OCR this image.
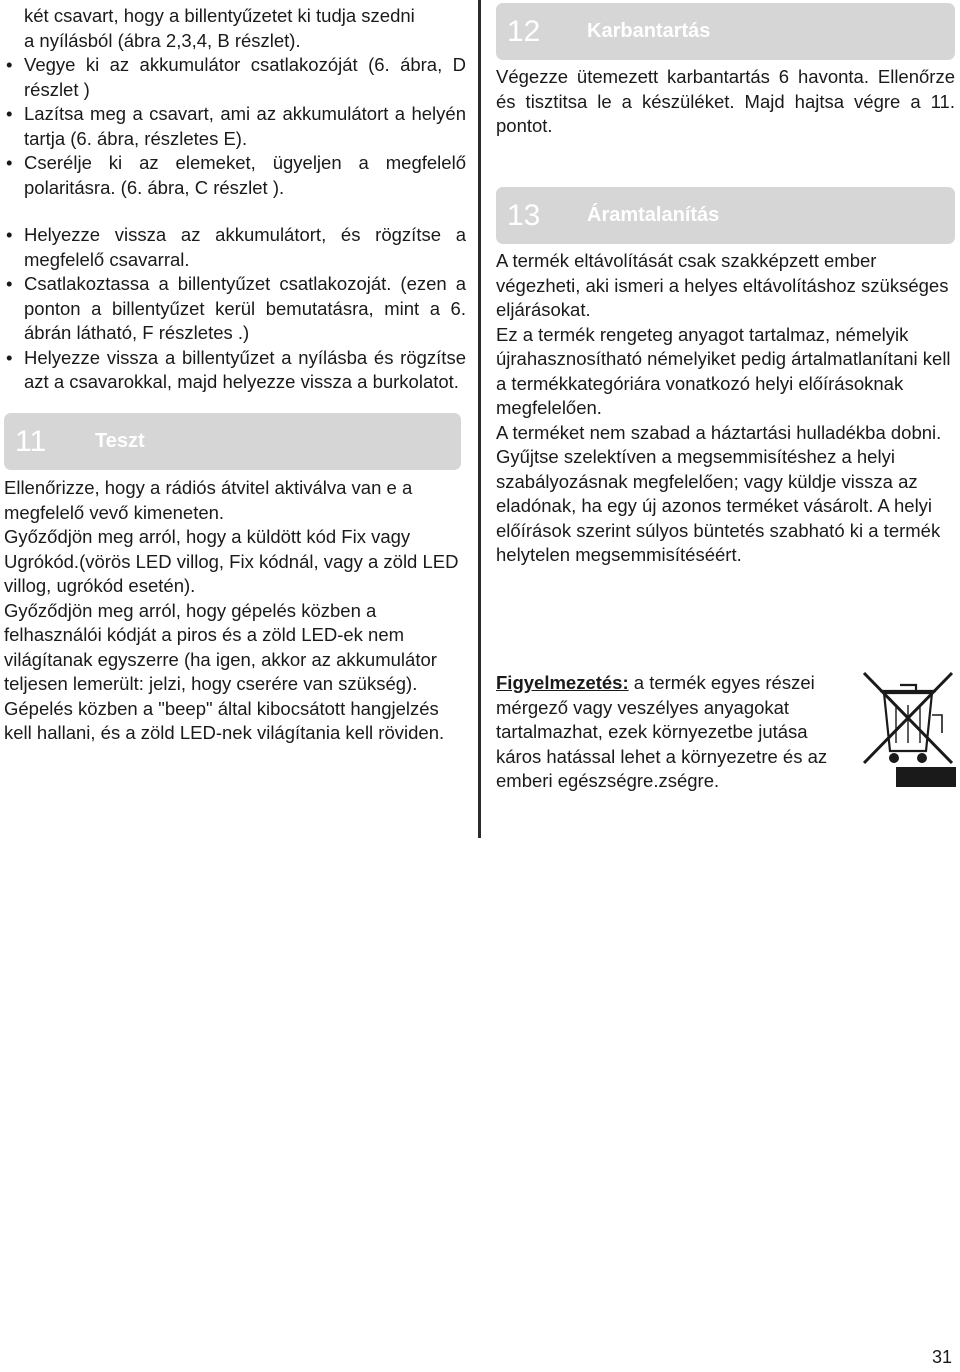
két csavart, hogy a billentyűzetet ki tudja szedni
a nyílásból (ábra 2,3,4, B részlet).

• Vegye ki az akkumulátor csatlakozóját (6. ábra, D részlet )
• Lazítsa meg a csavart, ami az akkumulátort a helyén tartja (6. ábra, részletes E).
• Cserélje ki az elemeket, ügyeljen a megfelelő polaritásra. (6. ábra, C részlet ).
• Helyezze vissza az akkumulátort, és rögzítse a megfelelő csavarral.
• Csatlakoztassa a billentyűzet csatlakozoját. (ezen a ponton a billentyűzet kerül bemutatásra, mint a 6. ábrán látható, F részletes .)
• Helyezze vissza a billentyűzet a nyílásba és rögzítse azt a csavarokkal, majd helyezze vissza a burkolatot.
11	Teszt

Ellenőrizze, hogy a rádiós átvitel aktiválva van e a megfelelő vevő kimeneten.

Győződjön meg arról, hogy a küldött kód Fix vagy Ugrókód.(vörös LED villog, Fix kódnál, vagy a zöld LED villog, ugrókód esetén).

Győződjön meg arról, hogy gépelés közben a felhasználói kódját a piros és a zöld LED-ek nem világítanak egyszerre (ha igen, akkor az akkumulátor teljesen lemerült: jelzi, hogy cserére van szükség).

Gépelés közben a "beep" által kibocsátott hangjelzés kell hallani, és a zöld LED-nek világítania kell röviden.

12	Karbantartás

Végezze ütemezett karbantartás 6 havonta. Ellenőrze és tisztitsa le a készüléket. Majd hajtsa végre a 11. pontot.

13	Áramtalanítás

A termék eltávolítását csak szakképzett ember végezheti, aki ismeri a helyes eltávolításhoz szükséges eljárásokat.

Ez a termék rengeteg anyagot tartalmaz, némelyik újrahasznosítható némelyiket pedig ártalmatlanítani kell a termékkategóriára vonatkozó helyi előírásoknak megfelelően.

A terméket nem szabad a háztartási hulladékba dobni. Gyűjtse szelektíven a megsemmisítéshez a helyi szabályozásnak megfelelően; vagy küldje vissza az eladónak, ha egy új azonos terméket vásárolt. A helyi előírások szerint súlyos büntetés szabható ki a termék helytelen megsemmisítéséért.

Figyelmezetés: a termék egyes részei mérgező vagy veszélyes anyagokat tartalmazhat, ezek környezetbe jutása káros hatással lehet a környezetre és az emberi egészségre.zségre.

31
